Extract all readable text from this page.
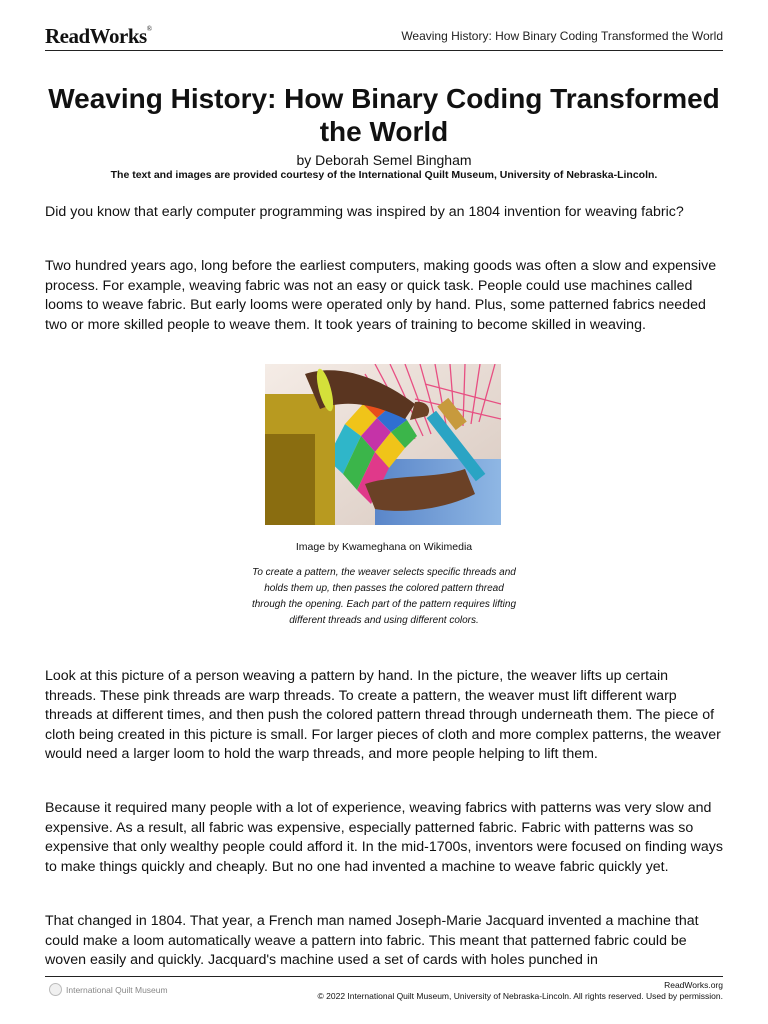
ReadWorks®	Weaving History: How Binary Coding Transformed the World
Weaving History: How Binary Coding Transformed the World
by Deborah Semel Bingham
The text and images are provided courtesy of the International Quilt Museum, University of Nebraska-Lincoln.

Did you know that early computer programming was inspired by an 1804 invention for weaving fabric?

Two hundred years ago, long before the earliest computers, making goods was often a slow and expensive process. For example, weaving fabric was not an easy or quick task. People could use machines called looms to weave fabric. But early looms were operated only by hand. Plus, some patterned fabrics needed two or more skilled people to weave them. It took years of training to become skilled in weaving.

Image by Kwameghana on Wikimedia
To create a pattern, the weaver selects specific threads and holds them up, then passes the colored pattern thread through the opening. Each part of the pattern requires lifting different threads and using different colors.

Look at this picture of a person weaving a pattern by hand. In the picture, the weaver lifts up certain threads. These pink threads are warp threads. To create a pattern, the weaver must lift different warp threads at different times, and then push the colored pattern thread through underneath them. The piece of cloth being created in this picture is small. For larger pieces of cloth and more complex patterns, the weaver would need a larger loom to hold the warp threads, and more people helping to lift them.

Because it required many people with a lot of experience, weaving fabrics with patterns was very slow and expensive. As a result, all fabric was expensive, especially patterned fabric. Fabric with patterns was so expensive that only wealthy people could afford it. In the mid-1700s, inventors were focused on finding ways to make things quickly and cheaply. But no one had invented a machine to weave fabric quickly yet.

That changed in 1804. That year, a French man named Joseph-Marie Jacquard invented a machine that could make a loom automatically weave a pattern into fabric. This meant that patterned fabric could be woven easily and quickly. Jacquard's machine used a set of cards with holes punched in

International Quilt Museum	ReadWorks.org
© 2022 International Quilt Museum, University of Nebraska-Lincoln. All rights reserved. Used by permission.
